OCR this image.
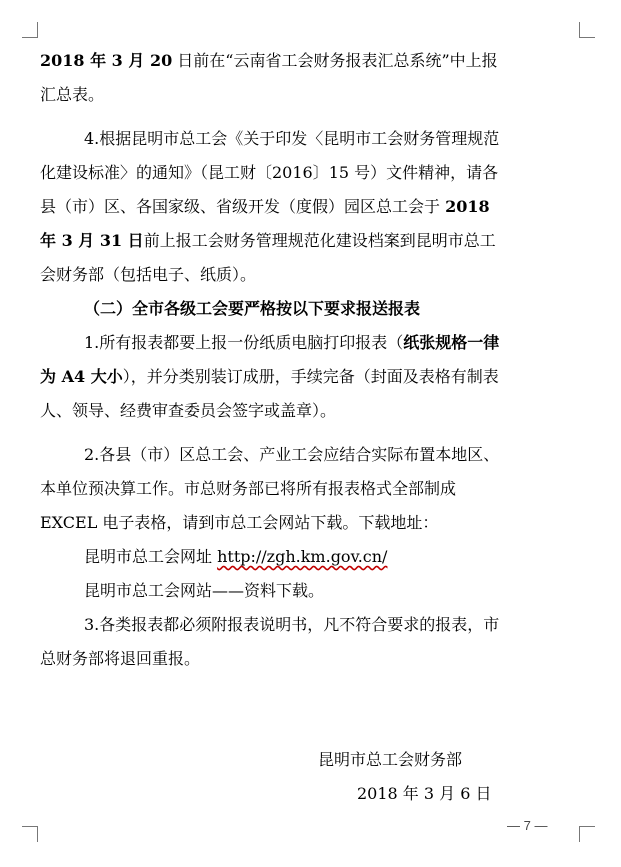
2018 年 3 月 20 日前在“云南省工会财务报表汇总系统”中上报
汇总表。
4.根据昆明市总工会《关于印发〈昆明市工会财务管理规范
化建设标准〉的通知》（昆工财〔2016〕15 号）文件精神，请各
县（市）区、各国家级、省级开发（度假）园区总工会于 2018
年 3 月 31 日前上报工会财务管理规范化建设档案到昆明市总工
会财务部（包括电子、纸质）。
（二）全市各级工会要严格按以下要求报送报表
1.所有报表都要上报一份纸质电脑打印报表（纸张规格一律
为 A4 大小），并分类别装订成册，手续完备（封面及表格有制表
人、领导、经费审查委员会签字或盖章）。
2.各县（市）区总工会、产业工会应结合实际布置本地区、
本单位预决算工作。市总财务部已将所有报表格式全部制成
EXCEL 电子表格，请到市总工会网站下载。下载地址：
昆明市总工会网址 http://zgh.km.gov.cn/
昆明市总工会网站——资料下载。
3.各类报表都必须附报表说明书，凡不符合要求的报表，市
总财务部将退回重报。
昆明市总工会财务部
2018 年 3 月 6 日
— 7 —
